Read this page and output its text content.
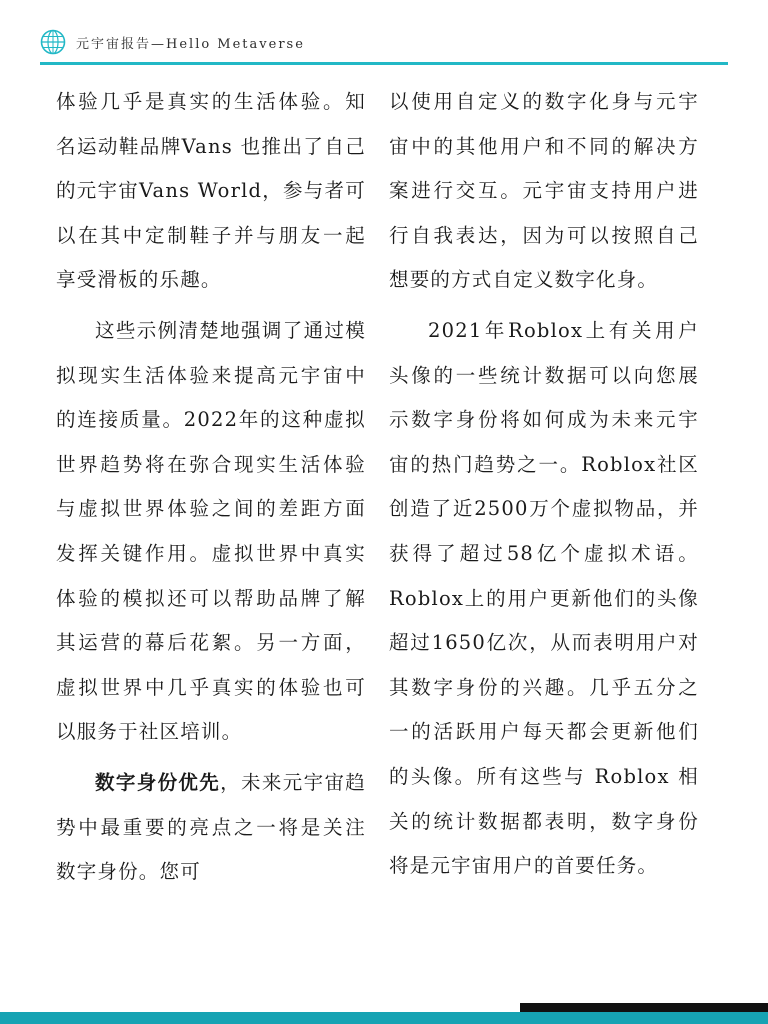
元宇宙报告—Hello Metaverse

体验几乎是真实的生活体验。知名运动鞋品牌Vans 也推出了自己的元宇宙Vans World，参与者可以在其中定制鞋子并与朋友一起享受滑板的乐趣。

这些示例清楚地强调了通过模拟现实生活体验来提高元宇宙中的连接质量。2022年的这种虚拟世界趋势将在弥合现实生活体验与虚拟世界体验之间的差距方面发挥关键作用。虚拟世界中真实体验的模拟还可以帮助品牌了解其运营的幕后花絮。另一方面，虚拟世界中几乎真实的体验也可以服务于社区培训。

数字身份优先，未来元宇宙趋势中最重要的亮点之一将是关注数字身份。您可

以使用自定义的数字化身与元宇宙中的其他用户和不同的解决方案进行交互。元宇宙支持用户进行自我表达，因为可以按照自己想要的方式自定义数字化身。

2021年Roblox上有关用户头像的一些统计数据可以向您展示数字身份将如何成为未来元宇宙的热门趋势之一。Roblox社区创造了近2500万个虚拟物品，并获得了超过58亿个虚拟术语。Roblox上的用户更新他们的头像超过1650亿次，从而表明用户对其数字身份的兴趣。几乎五分之一的活跃用户每天都会更新他们的头像。所有这些与 Roblox 相关的统计数据都表明，数字身份将是元宇宙用户的首要任务。
